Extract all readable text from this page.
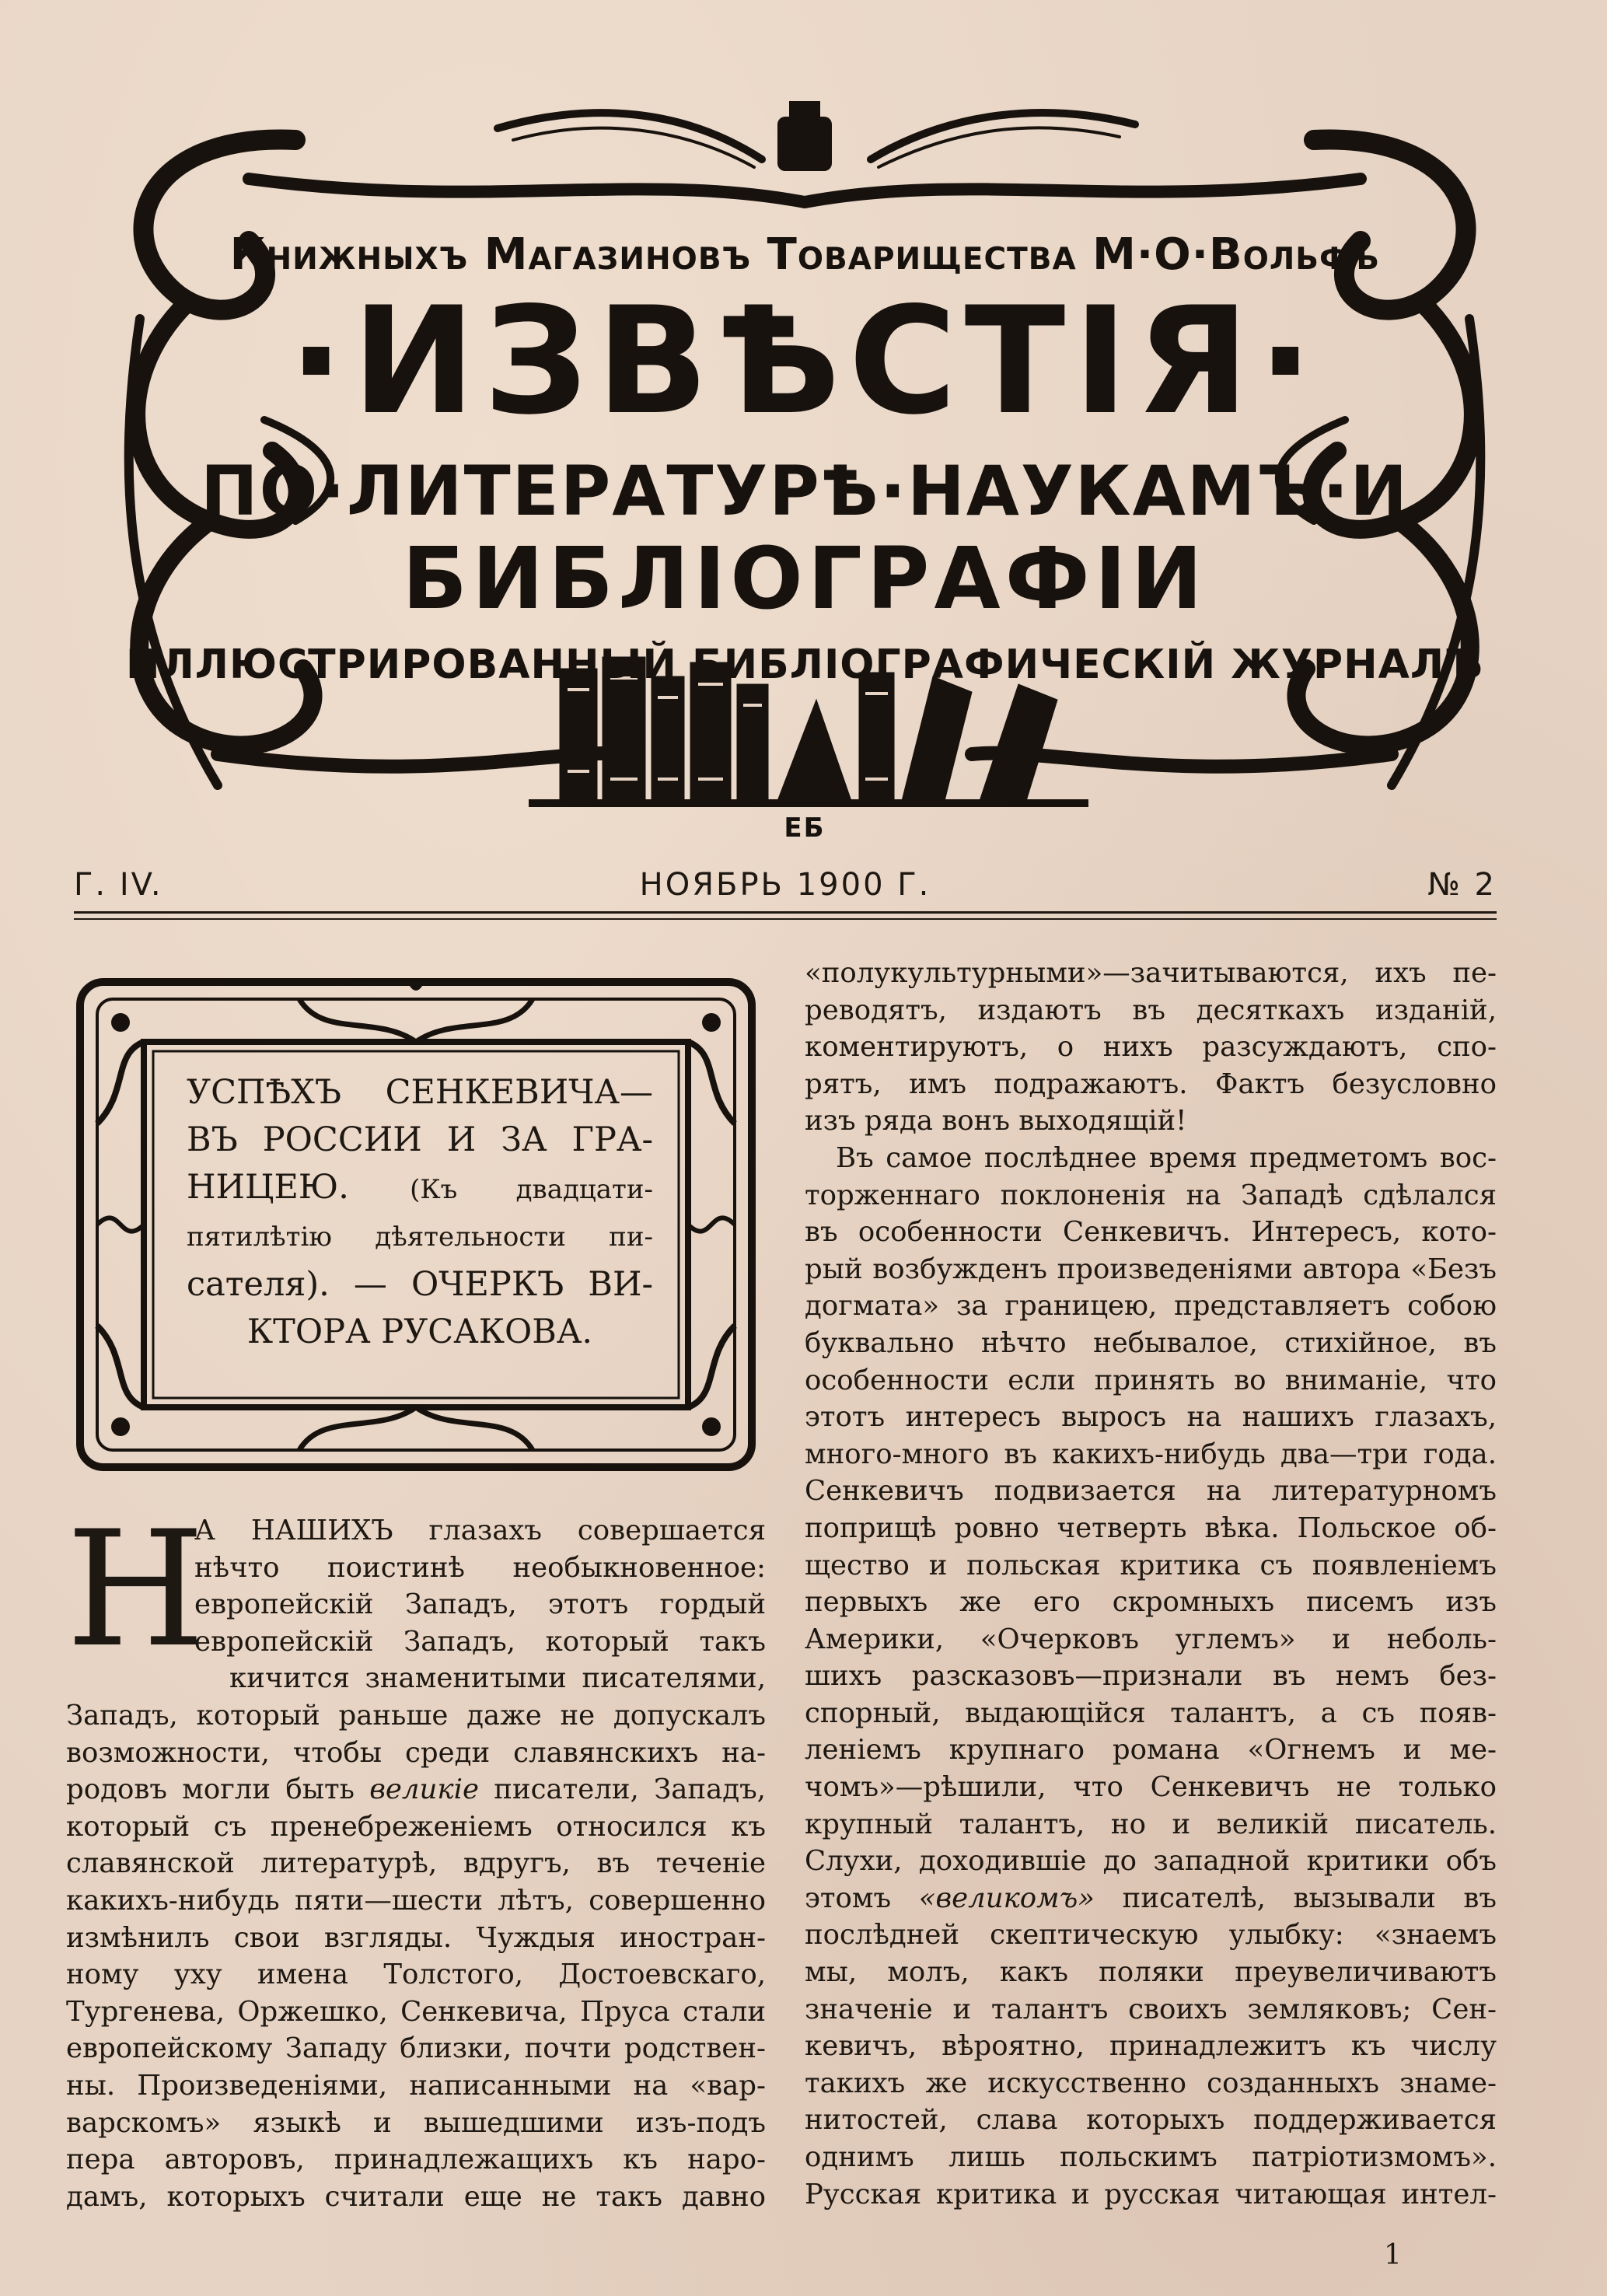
Книжныхъ Магазиновъ Товарищества М·О·Вольфъ
·ИЗВѢСТІЯ·
ПО·ЛИТЕРАТУРѢ·НАУКАМЪ·И
БИБЛІОГРАФІИ
ИЛЛЮСТРИРОВАННЫЙ БИБЛІОГРАФИЧЕСКІЙ ЖУРНАЛЪ
ЕБ
НОЯБРЬ 1900 Г.
Г. IV.	№ 2
УСПѢХЪ СЕНКЕВИЧА—
ВЪ РОССИИ И ЗА ГРА-
НИЦЕЮ. (Къ двадцати-
пятилѣтію дѣятельности пи-
сателя). — ОЧЕРКЪ ВИ-
КТОРА РУСАКОВА.
Н
А НАШИХЪ глазахъ совершается
нѣчто поистинѣ необыкновенное:
европейскій Западъ, этотъ гордый
европейскій Западъ, который такъ
кичится знаменитыми писателями,
Западъ, который раньше даже не допускалъ
возможности, чтобы среди славянскихъ на-
родовъ могли быть великіе писатели, Западъ,
который съ пренебреженіемъ относился къ
славянской литературѣ, вдругъ, въ теченіе
какихъ-нибудь пяти—шести лѣтъ, совершенно
измѣнилъ свои взгляды. Чуждыя иностран-
ному уху имена Толстого, Достоевскаго,
Тургенева, Оржешко, Сенкевича, Пруса стали
европейскому Западу близки, почти родствен-
ны. Произведеніями, написанными на «вар-
варскомъ» языкѣ и вышедшими изъ-подъ
пера авторовъ, принадлежащихъ къ наро-
дамъ, которыхъ считали еще не такъ давно
«полукультурными»—зачитываются, ихъ пе-
реводятъ, издаютъ въ десяткахъ изданій,
коментируютъ, о нихъ разсуждаютъ, спо-
рятъ, имъ подражаютъ. Фактъ безусловно
изъ ряда вонъ выходящій!
Въ самое послѣднее время предметомъ вос-
торженнаго поклоненія на Западѣ сдѣлался
въ особенности Сенкевичъ. Интересъ, кото-
рый возбужденъ произведеніями автора «Безъ
догмата» за границею, представляетъ собою
буквально нѣчто небывалое, стихійное, въ
особенности если принять во вниманіе, что
этотъ интересъ выросъ на нашихъ глазахъ,
много-много въ какихъ-нибудь два—три года.
Сенкевичъ подвизается на литературномъ
поприщѣ ровно четверть вѣка. Польское об-
щество и польская критика съ появленіемъ
первыхъ же его скромныхъ писемъ изъ
Америки, «Очерковъ углемъ» и неболь-
шихъ разсказовъ—признали въ немъ без-
спорный, выдающійся талантъ, а съ появ-
леніемъ крупнаго романа «Огнемъ и ме-
чомъ»—рѣшили, что Сенкевичъ не только
крупный талантъ, но и великій писатель.
Слухи, доходившіе до западной критики объ
этомъ «великомъ» писателѣ, вызывали въ
послѣдней скептическую улыбку: «знаемъ
мы, молъ, какъ поляки преувеличиваютъ
значеніе и талантъ своихъ земляковъ; Сен-
кевичъ, вѣроятно, принадлежитъ къ числу
такихъ же искусственно созданныхъ знаме-
нитостей, слава которыхъ поддерживается
однимъ лишь польскимъ патріотизмомъ».
Русская критика и русская читающая интел-
1
